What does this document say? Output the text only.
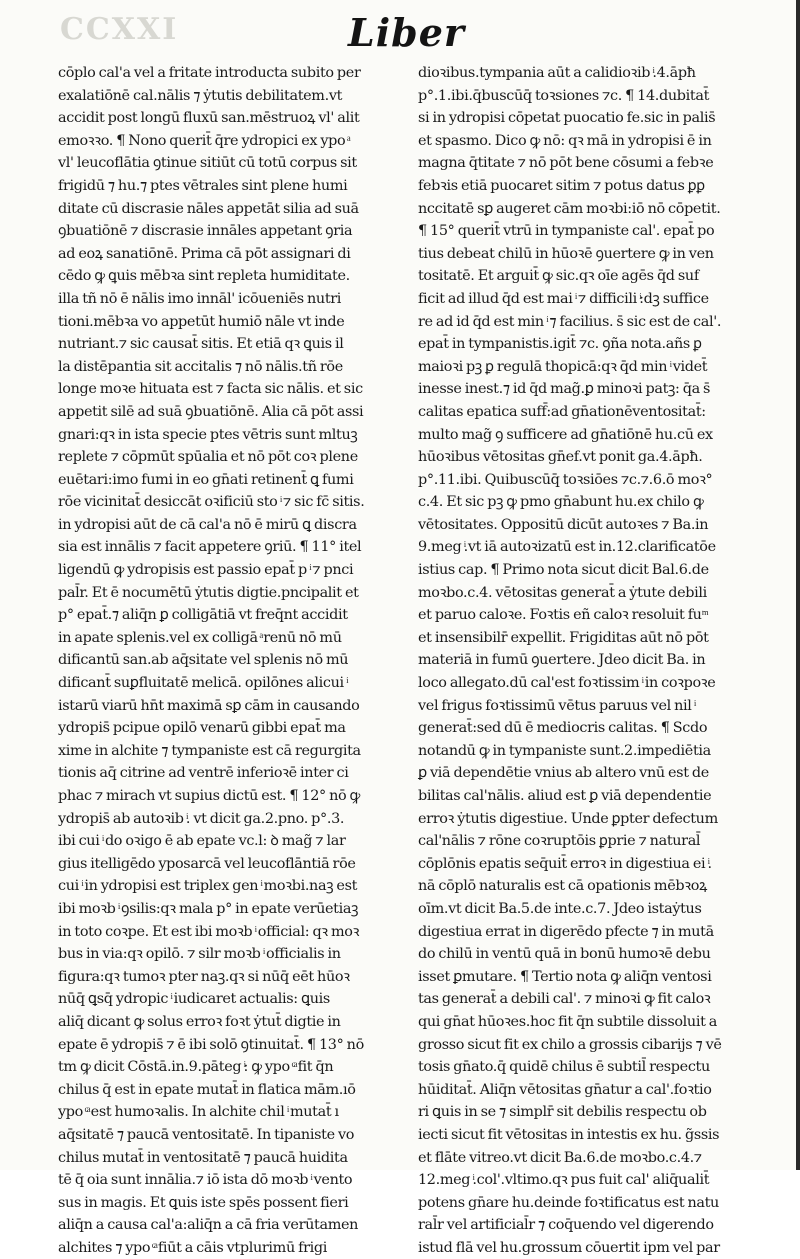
CCXXI	Liber
cōplo cal'a vel a fritate introducta subito per
exalatiōnē cal.nālis ⁊ ẏtutis debilitatem.vt
accidit post longū fluxū san.mēstruoꝝ vl' alit
emoꝛꝛo. ¶ Nono querit̄ q̄re ydropici ex ypo ͣ
vl' leucoflātia ꝯtinue sitiūt cū totū corpus sit
frigidū ⁊ hu.⁊ ptes vētrales sint plene humi
ditate cū discrasie nāles appetāt silia ad suā
ꝯbuatiōnē ⁊ discrasie innāles appetant ꝯria
ad eoꝝ sanatiōnē. Prima cā pōt assignari di
cēdo ꝙ ꝗuis mēbꝛa sint repleta humiditate.
illa tñ nō ē nālis imo innāl' icōueniēs nutri
tioni.mēbꝛa vo appetūt humiō nāle vt inde
nutriant.⁊ sic causat̄ sitis. Et etiā qꝛ ꝗuis il
la distēpantia sit accitalis ⁊ nō nālis.tñ rōe
longe moꝛe hituata est ⁊ facta sic nālis. et sic
appetit silē ad suā ꝯbuatiōnē. Alia cā pōt assi
gnari:qꝛ in ista specie ptes vētris sunt mltuꝫ
replete ⁊ cōpmūt spūalia et nō pōt coꝛ plene
euētari:imo fumi in eo gn̄ati retinent̄ ꝗ fumi
rōe vicinitat̄ desiccāt oꝛificiū sto ͥ ⁊ sic fc̄ sitis.
in ydropisi aūt de cā cal'a nō ē mirū ꝗ discra
sia est innālis ⁊ facit appetere ꝯriū. ¶ 11° itel
ligendū ꝙ ydropisis est passio epat̄ p ͥ ⁊ pnci
pal̄r. Et ē nocumētū ẏtutis digtie.pncipalit et
p° epat̄.⁊ aliq̄n ꝑ colligātiā vt freq̄nt accidit
in apate splenis.vel ex colligā ͣ renū nō mū
dificantū san.ab aq̄sitate vel splenis nō mū
dificant̄ suꝑfluitatē melicā. opilōnes alicui ͥ
istarū viarū hn̄t maximā sꝑ cām in causando
ydropis̄ pcipue opilō venarū gibbi epat̄ ma
xime in alchite ⁊ tympaniste est cā regurgita
tionis aq̄ citrine ad ventrē inferioꝛē inter ci
phac ⁊ mirach vt supius dictū est. ¶ 12° nō ꝙ
ydropis̄ ab autoꝛib ͥ. vt dicit ga.2.pno. p°.3.
ibi cui ͥ do oꝛigo ē ab epate vc.l: ꝺ mag̃ ⁊ lar
gius itelligēdo yposarcā vel leucoflāntiā rōe
cui ͥ in ydropisi est triplex gen ͥ moꝛbi.naꝫ est
ibi moꝛb ͥ ꝯsilis:qꝛ mala p° in epate verūetiaꝫ
in toto coꝛpe. Et est ibi moꝛb ͥ official: qꝛ moꝛ
bus in via:qꝛ opilō. ⁊ silr moꝛb ͥ officialis in
figura:qꝛ tumoꝛ pter naꝫ.qꝛ si nūq̄ eēt hūoꝛ
nūq̄ ꝗsq̄ ydropic ͥ iudicaret actualis: ꝗuis
aliq̄ dicant ꝙ solus erroꝛ foꝛt ẏtut̄ digtie in
epate ē ydropis̄ ⁊ ē ibi solō ꝯtinuitat̄. ¶ 13° nō
tm ꝙ dicit Cōstā.in.9.pāteg ͥ: ꝙ ypo ͨ ͣ fit q̄n
chilus q̄ est in epate mutat̄ in flatica mām.ıō
ypo ͨ ͣ est humoꝛalis. In alchite chil ͥ mutat̄ ı
aq̄sitatē ⁊ paucā ventositatē. In tipaniste vo
chilus mutat̄ in ventositatē ⁊ paucā huidita
tē q̄ oia sunt innālia.⁊ iō ista dō moꝛb ͥ vento
sus in magis. Et ꝗuis iste spēs possent fieri
aliq̄n a causa cal'a:aliq̄n a cā fria verūtamen
alchites ⁊ ypo ͨ ͣ fiūt a cāis vtplurimū frigi
dioꝛibus.tympania aūt a calidioꝛib ͥ.4.āpħ
p°.1.ibi.q̄buscūq̄ toꝛsiones ⁊c. ¶ 14.dubitat̄
si in ydropisi cōpetat puocatio fe.sic in palis̄
et spasmo. Dico ꝙ nō: qꝛ mā in ydropisi ē in
magna q̄titate ⁊ nō pōt bene cōsumi a febꝛe
febꝛis etiā puocaret sitim ⁊ potus datus ꝑꝑ
nccitatē sꝑ augeret cām moꝛbi:iō nō cōpetit.
¶ 15° querit̄ vtrū in tympaniste cal'. epat̄ po
tius debeat chilū in hūoꝛē ꝯuertere ꝙ in ven
tositatē. Et arguit̄ ꝙ sic.qꝛ oīe agēs q̄d suf
ficit ad illud q̄d est mai ͥ ⁊ difficili ͥ:dꝫ suffice
re ad id q̄d est min ͥ ⁊ facilius. s̄ sic est de cal'.
epat̄ in tympanistis.igit̄ ⁊c. ꝯña nota.añs ꝑ
maioꝛi pꝫ ꝑ regulā thopicā:qꝛ q̄d min ͥ videt̄
inesse inest.⁊ id q̄d mag̃.ꝑ minoꝛi patꝫ: q̄a s̄
calitas epatica suff̄:ad gn̄ationēventositat̄:
multo mag̃ ꝯ sufficere ad gn̄atiōnē hu.cū ex
hūoꝛibus vētositas gn̄ef.vt ponit ga.4.āpħ.
p°.11.ibi. Quibuscūq̄ toꝛsiōes ⁊c.⁊.6.ō moꝛ°
c.4. Et sic pꝫ ꝙ pmo gn̄abunt hu.ex chilo ꝙ
vētositates. Oppositū dicūt autoꝛes ⁊ Ba.in
9.meg ͥ.vt iā autoꝛizatū est in.12.clarificatōe
istius cap. ¶ Primo nota sicut dicit Bal.6.de
moꝛbo.c.4. vētositas generat̄ a ẏtute debili
et paruo caloꝛe. Foꝛtis eñ caloꝛ resoluit fu ͫ
et insensibilr̄ expellit. Frigiditas aūt nō pōt
materiā in fumū ꝯuertere. Jdeo dicit Ba. in
loco allegato.dū cal'est foꝛtissim ͥ in coꝛpoꝛe
vel frigus foꝛtissimū vētus paruus vel nil ͥ
generat̄:sed dū ē mediocris calitas. ¶ Scdo
notandū ꝙ in tympaniste sunt.2.impediētia
ꝑ viā dependētie vnius ab altero vnū est de
bilitas cal'nālis. aliud est ꝑ viā dependentie
erroꝛ ẏtutis digestiue. Unde ꝑpter defectum
cal'nālis ⁊ rōne coꝛruptōis ꝑprie ⁊ natural̄
cōplōnis epatis seq̄uit̄ erroꝛ in digestiua ei ͥ.
nā cōplō naturalis est cā opationis mēbꝛoꝝ
oīm.vt dicit Ba.5.de inte.c.7. Jdeo istaẏtus
digestiua errat in digerēdo pfecte ⁊ in mutā
do chilū in ventū quā in bonū humoꝛē debu
isset ꝑmutare. ¶ Tertio nota ꝙ aliq̄n ventosi
tas generat̄ a debili cal'. ⁊ minoꝛi ꝙ fit caloꝛ
qui gn̄at hūoꝛes.hoc fit q̄n subtile dissoluit a
grosso sicut fit ex chilo a grossis cibarijs ⁊ vē
tosis gn̄ato.q̄ quidē chilus ē subtil̄ respectu
hūiditat̄. Aliq̄n vētositas gn̄atur a cal'.foꝛtio
ri ꝗuis in se ⁊ simplr̄ sit debilis respectu ob
iecti sicut fit vētositas in intestis ex hu. g̃ssis
et flāte vitreo.vt dicit Ba.6.de moꝛbo.c.4.⁊
12.meg ͥ.col'.vltimo.qꝛ pus fuit cal' aliq̄ualit̄
potens gn̄are hu.deinde foꝛtificatus est natu
ral̄r vel artificial̄r ⁊ coq̄uendo vel digerendo
istud flā vel hu.grossum cōuertit ipm vel par
